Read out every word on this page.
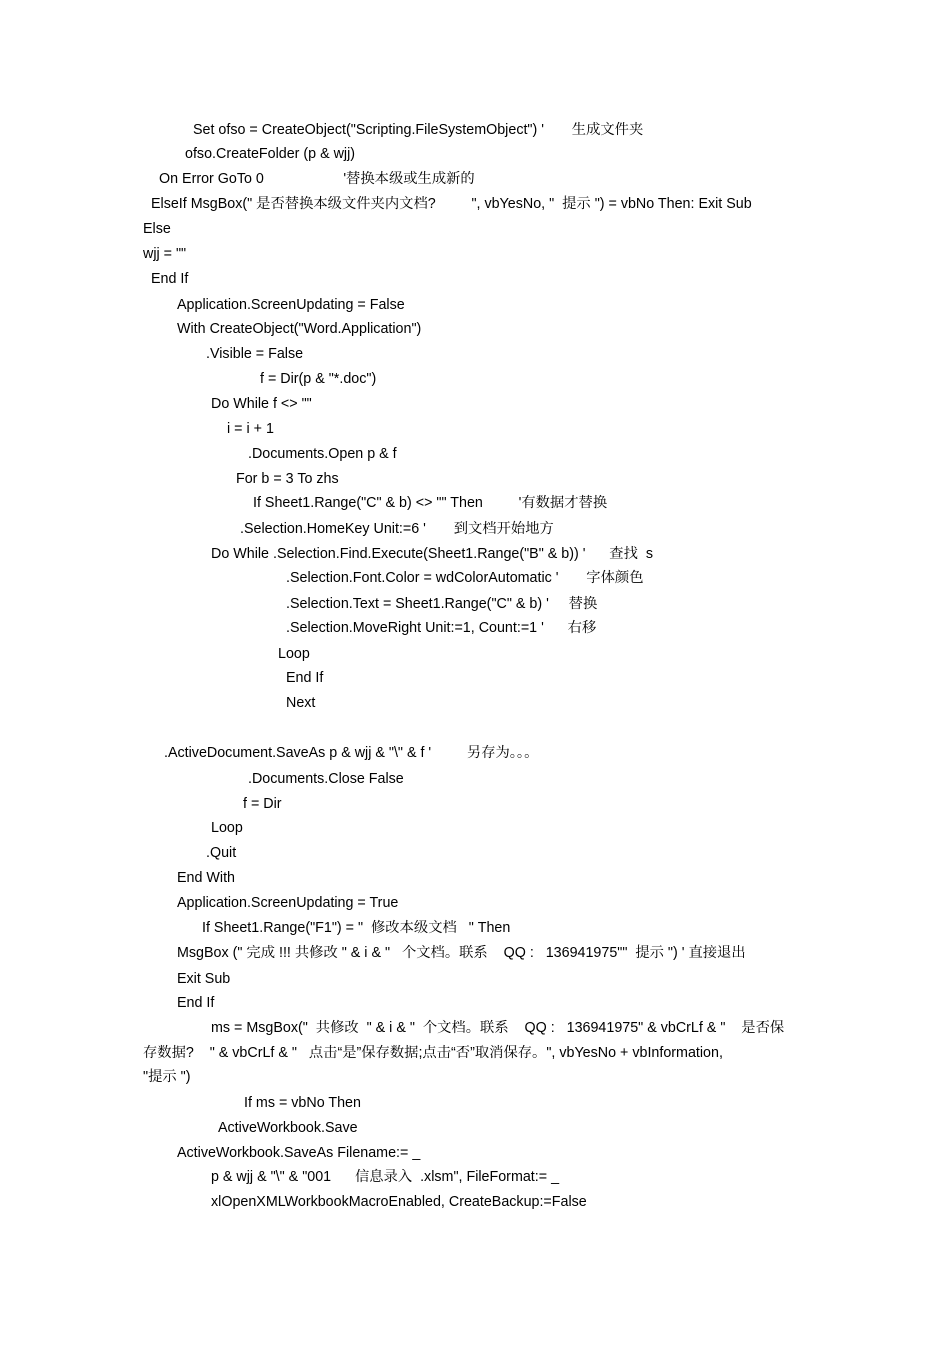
Set ofso = CreateObject("Scripting.FileSystemObject") '       生成文件夹
ofso.CreateFolder (p & wjj)
On Error GoTo 0                    '替换本级或生成新的
ElseIf MsgBox(" 是否替换本级文件夹内文档?         ", vbYesNo, "  提示 ") = vbNo Then: Exit Sub
Else
wjj = ""
End If
Application.ScreenUpdating = False
With CreateObject("Word.Application")
.Visible = False
f = Dir(p & "*.doc")
Do While f <> ""
i = i + 1
.Documents.Open p & f
For b = 3 To zhs
If Sheet1.Range("C" & b) <> "" Then         '有数据才替换
.Selection.HomeKey Unit:=6 '       到文档开始地方
Do While .Selection.Find.Execute(Sheet1.Range("B" & b)) '      查找  s
.Selection.Font.Color = wdColorAutomatic '       字体颜色
.Selection.Text = Sheet1.Range("C" & b) '     替换
.Selection.MoveRight Unit:=1, Count:=1 '      右移
Loop
End If
Next
.ActiveDocument.SaveAs p & wjj & "\" & f '         另存为。。。
.Documents.Close False
f = Dir
Loop
.Quit
End With
Application.ScreenUpdating = True
If Sheet1.Range("F1") = "  修改本级文档   " Then
MsgBox (" 完成 !!! 共修改 " & i & "   个文档。联系    QQ :   136941975""  提示 ") ' 直接退出
Exit Sub
End If
ms = MsgBox("  共修改  " & i & "  个文档。联系    QQ :   136941975" & vbCrLf & "    是否保
存数据?    " & vbCrLf & "   点击“是”保存数据;点击“否”取消保存。", vbYesNo + vbInformation,
"提示 ")
If ms = vbNo Then
ActiveWorkbook.Save
ActiveWorkbook.SaveAs Filename:= _
p & wjj & "\" & "001      信息录入  .xlsm", FileFormat:= _
xlOpenXMLWorkbookMacroEnabled, CreateBackup:=False
